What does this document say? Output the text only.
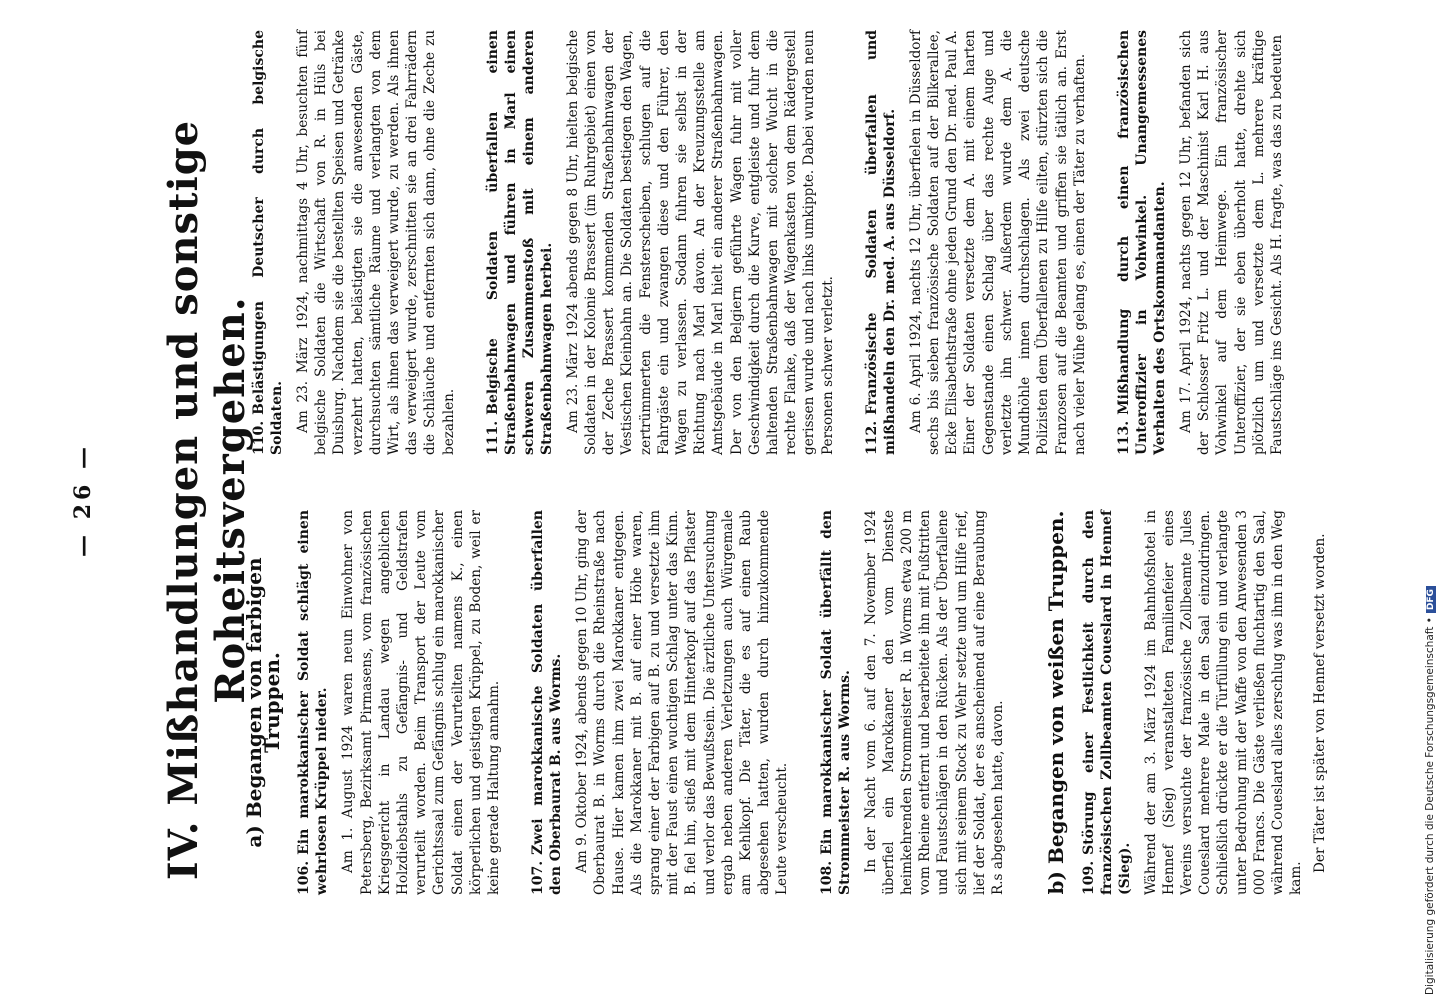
— 26 — IV. Mißhandlungen und sonstige Roheitsvergehen.
a) Begangen von farbigen Truppen.

106.Ein marokkanischer Soldat schlägt einen wehrlosen Krüppel nieder. Am 1. August 1924 waren neun Einwohner von Petersberg, Bezirksamt Pirmasens, vom französischen Kriegsgericht in Landau wegen angeblichen Holzdiebstahls zu Gefängnis- und Geldstrafen verurteilt worden. Beim Transport der Leute vom Gerichtssaal zum Gefängnis schlug ein marokkanischer Soldat einen der Verurteilten namens K., einen körperlichen und geistigen Krüppel, zu Boden, weil er keine gerade Haltung annahm. 107.Zwei marokkanische Soldaten überfallen den Oberbaurat B. aus Worms. Am 9. Oktober 1924, abends gegen 10 Uhr, ging der Oberbaurat B. in Worms durch die Rheinstraße nach Hause. Hier kamen ihm zwei Marokkaner entgegen. Als die Marokkaner mit B. auf einer Höhe waren, sprang einer der Farbigen auf B. zu und versetzte ihm mit der Faust einen wuchtigen Schlag unter das Kinn. B. fiel hin, stieß mit dem Hinterkopf auf das Pflaster und verlor das Bewußtsein. Die ärztliche Untersuchung ergab neben anderen Verletzungen auch Würgemale am Kehlkopf. Die Täter, die es auf einen Raub abgesehen hatten, wurden durch hinzukommende Leute verscheucht. 108.Ein marokkanischer Soldat überfällt den Strommeister R. aus Worms. In der Nacht vom 6. auf den 7. November 1924 überfiel ein Marokkaner den vom Dienste heimkehrenden Strommeister R. in Worms etwa 200 m vom Rheine entfernt und bearbeitete ihn mit Fußtritten und Faustschlägen in den Rücken. Als der Überfallene sich mit seinem Stock zu Wehr setzte und um Hilfe rief, lief der Soldat, der es anscheinend auf eine Beraubung R.s abgesehen hatte, davon. b) Begangen von weißen Truppen. 109.Störung einer Festlichkeit durch den französischen Zollbeamten Coueslard in Hennef (Sieg). Während der am 3. März 1924 im Bahnhofshotel in Hennef (Sieg) veranstalteten Familienfeier eines Vereins versuchte der französische Zollbeamte Jules Coueslard mehrere Male in den Saal einzudringen. Schließlich drückte er die Türfüllung ein und verlangte unter Bedrohung mit der Waffe von den Anwesenden 3 000 Francs. Die Gäste verließen fluchtartig den Saal, während Coueslard alles zerschlug was ihm in den Weg kam.

Der Täter ist später von Hennef versetzt worden.

110.Belästigungen Deutscher durch belgische Soldaten. Am 23. März 1924, nachmittags 4 Uhr, besuchten fünf belgische Soldaten die Wirtschaft von R. in Hüls bei Duisburg. Nachdem sie die bestellten Speisen und Getränke verzehrt hatten, belästigten sie die anwesenden Gäste, durchsuchten sämtliche Räume und verlangten von dem Wirt, als ihnen das verweigert wurde, zu werden. Als ihnen das verweigert wurde, zerschnitten sie an drei Fahrrädern die Schläuche und entfernten sich dann, ohne die Zeche zu bezahlen. 111.Belgische Soldaten überfallen einen Straßenbahnwagen und führen in Marl einen schweren Zusammenstoß mit einem anderen Straßenbahnwagen herbei. Am 23. März 1924 abends gegen 8 Uhr, hielten belgische Soldaten in der Kolonie Brassert (im Ruhrgebiet) einen von der Zeche Brassert kommenden Straßenbahnwagen der Vestischen Kleinbahn an. Die Soldaten bestiegen den Wagen, zertrümmerten die Fensterscheiben, schlugen auf die Fahrgäste ein und zwangen diese und den Führer, den Wagen zu verlassen. Sodann fuhren sie selbst in der Richtung nach Marl davon. An der Kreuzungsstelle am Amtsgebäude in Marl hielt ein anderer Straßenbahnwagen. Der von den Belgiern geführte Wagen fuhr mit voller Geschwindigkeit durch die Kurve, entgleiste und fuhr dem haltenden Straßenbahnwagen mit solcher Wucht in die rechte Flanke, daß der Wagenkasten von dem Rädergestell gerissen wurde und nach links umkippte. Dabei wurden neun Personen schwer verletzt. 112.Französische Soldaten überfallen und mißhandeln den Dr. med. A. aus Düsseldorf. Am 6. April 1924, nachts 12 Uhr, überfielen in Düsseldorf sechs bis sieben französische Soldaten auf der Bilkerallee, Ecke Elisabethstraße ohne jeden Grund den Dr. med. Paul A. Einer der Soldaten versetzte dem A. mit einem harten Gegenstande einen Schlag über das rechte Auge und verletzte ihn schwer. Außerdem wurde dem A. die Mundhöhle innen durchschlagen. Als zwei deutsche Polizisten dem Überfallenen zu Hilfe eilten, stürzten sich die Franzosen auf die Beamten und griffen sie tätlich an. Erst nach vieler Mühe gelang es, einen der Täter zu verhaften. 113.Mißhandlung durch einen französischen Unteroffizier in Vohwinkel. Unangemessenes Verhalten des Ortskommandanten. Am 17. April 1924, nachts gegen 12 Uhr, befanden sich der Schlosser Fritz L. und der Maschinist Karl H. aus Vohwinkel auf dem Heimwege. Ein französischer Unteroffizier, der sie eben überholt hatte, drehte sich plötzlich um und versetzte dem L. mehrere kräftige Faustschläge ins Gesicht. Als H. fragte, was das zu bedeuten

Digitalisierung gefördert durch die Deutsche Forschungsgemeinschaft •DFG
